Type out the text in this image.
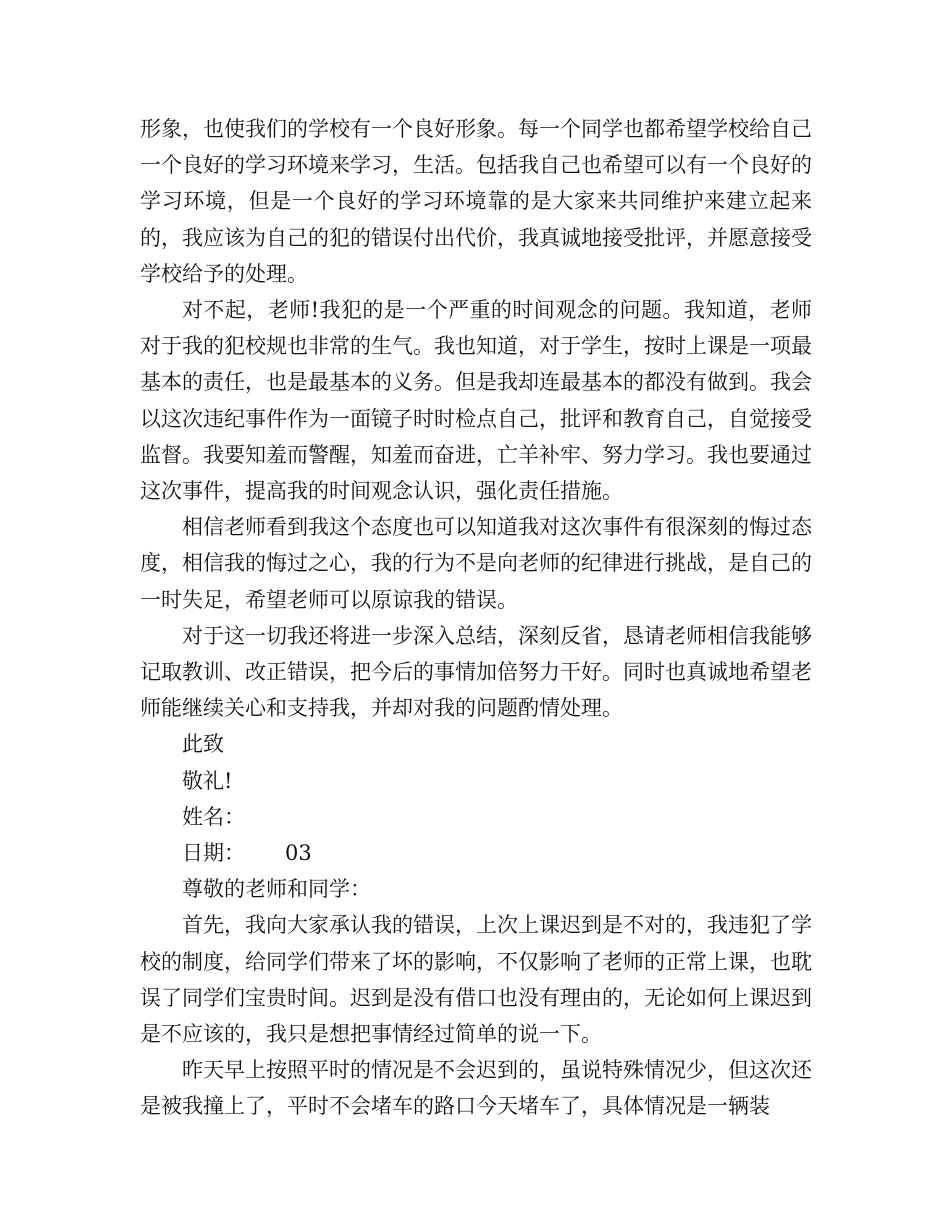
形象，也使我们的学校有一个良好形象。每一个同学也都希望学校给自己一个良好的学习环境来学习，生活。包括我自己也希望可以有一个良好的学习环境，但是一个良好的学习环境靠的是大家来共同维护来建立起来的，我应该为自己的犯的错误付出代价，我真诚地接受批评，并愿意接受学校给予的处理。

对不起，老师!我犯的是一个严重的时间观念的问题。我知道，老师对于我的犯校规也非常的生气。我也知道，对于学生，按时上课是一项最基本的责任，也是最基本的义务。但是我却连最基本的都没有做到。我会以这次违纪事件作为一面镜子时时检点自己，批评和教育自己，自觉接受监督。我要知羞而警醒，知羞而奋进，亡羊补牢、努力学习。我也要通过这次事件，提高我的时间观念认识，强化责任措施。

相信老师看到我这个态度也可以知道我对这次事件有很深刻的悔过态度，相信我的悔过之心，我的行为不是向老师的纪律进行挑战，是自己的一时失足，希望老师可以原谅我的错误。

对于这一切我还将进一步深入总结，深刻反省，恳请老师相信我能够记取教训、改正错误，把今后的事情加倍努力干好。同时也真诚地希望老师能继续关心和支持我，并却对我的问题酌情处理。

此致
敬礼!
姓名：
日期： 03
尊敬的老师和同学：

首先，我向大家承认我的错误，上次上课迟到是不对的，我违犯了学校的制度，给同学们带来了坏的影响，不仅影响了老师的正常上课，也耽误了同学们宝贵时间。迟到是没有借口也没有理由的，无论如何上课迟到是不应该的，我只是想把事情经过简单的说一下。

昨天早上按照平时的情况是不会迟到的，虽说特殊情况少，但这次还是被我撞上了，平时不会堵车的路口今天堵车了，具体情况是一辆装
